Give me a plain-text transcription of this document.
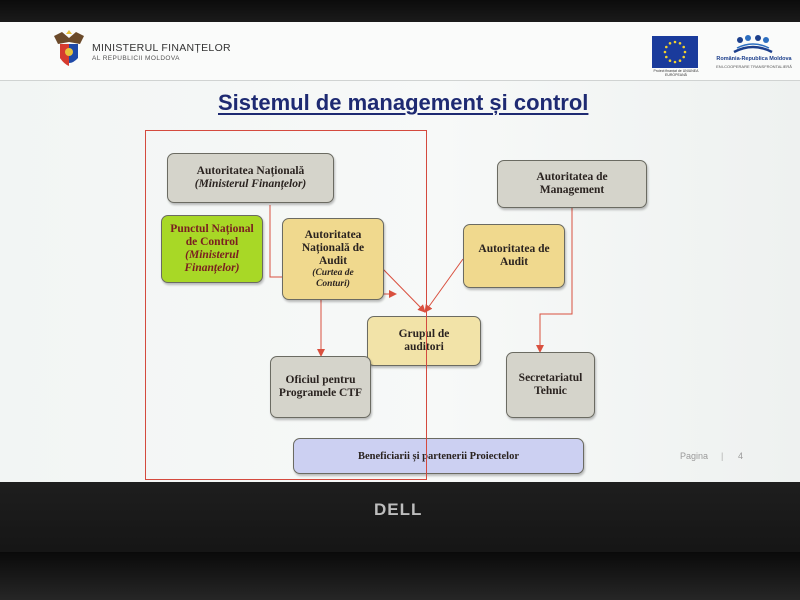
MINISTERUL FINANȚELOR
AL REPUBLICII MOLDOVA
Proiect finanțat de UNIUNEA EUROPEANĂ
România-Republica Moldova
ENI-COOPERARE TRANSFRONTALIERĂ
Sistemul de management și control
Autoritatea Națională
(Ministerul Finanțelor)
Punctul Național
de Control
(Ministerul
Finanțelor)
Autoritatea
Națională de
Audit
(Curtea de
Conturi)
Autoritatea de
Management
Autoritatea de
Audit
Grupul de
auditori
Oficiul pentru
Programele CTF
Secretariatul
Tehnic
Beneficiarii și partenerii Proiectelor	Pagina | 4
DELL
